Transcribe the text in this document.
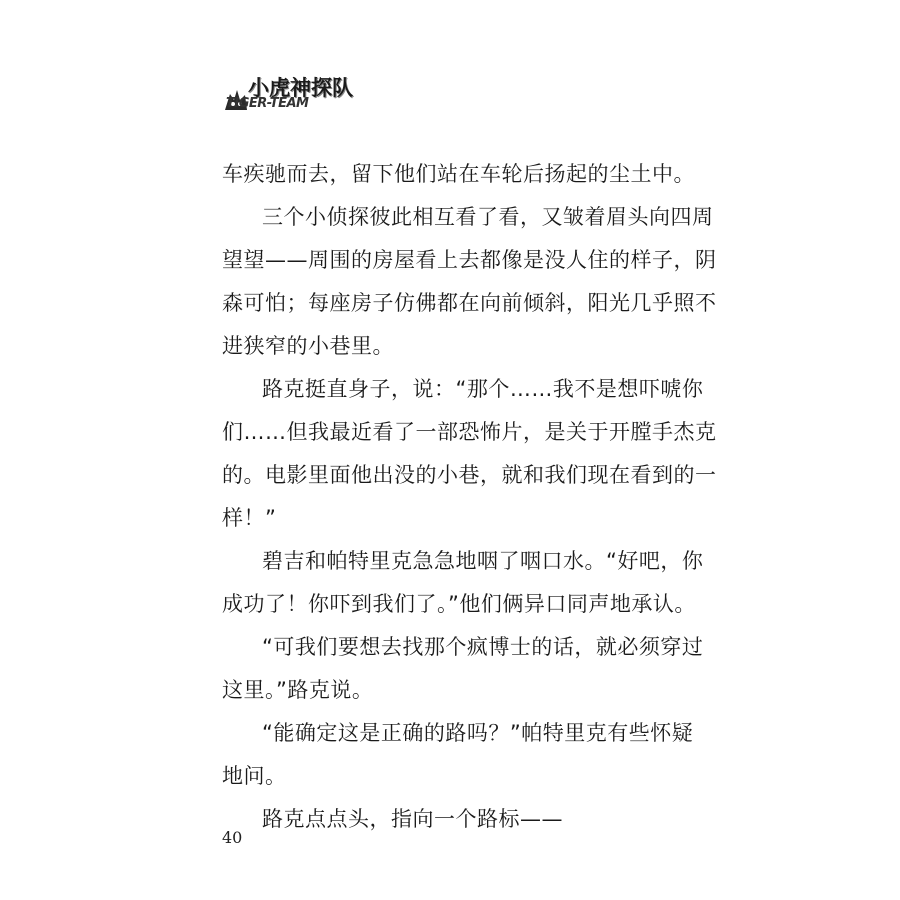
小虎神探队
TIGER-TEAM
车疾驰而去，留下他们站在车轮后扬起的尘土中。
三个小侦探彼此相互看了看，又皱着眉头向四周
望望——周围的房屋看上去都像是没人住的样子，阴
森可怕；每座房子仿佛都在向前倾斜，阳光几乎照不
进狭窄的小巷里。
路克挺直身子，说：“那个……我不是想吓唬你
们……但我最近看了一部恐怖片，是关于开膛手杰克
的。电影里面他出没的小巷，就和我们现在看到的一
样！”
碧吉和帕特里克急急地咽了咽口水。“好吧，你
成功了！你吓到我们了。”他们俩异口同声地承认。
“可我们要想去找那个疯博士的话，就必须穿过
这里。”路克说。
“能确定这是正确的路吗？”帕特里克有些怀疑
地问。
路克点点头，指向一个路标——
40
